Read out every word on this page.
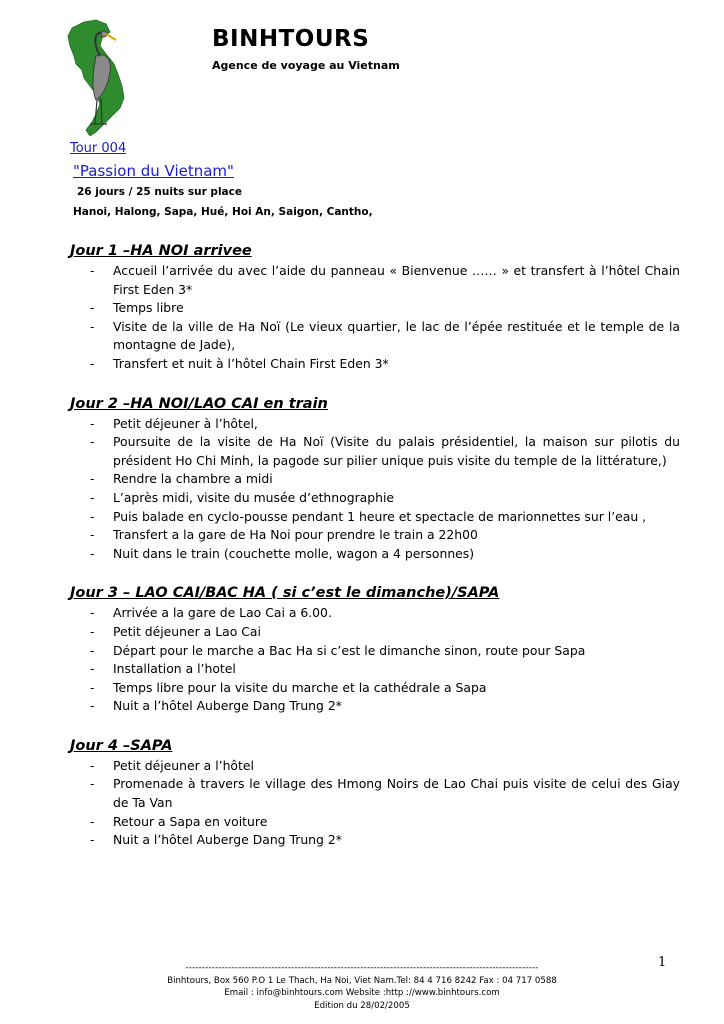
BINHTOURS
Agence de voyage au Vietnam
Tour 004
"Passion du Vietnam"
26 jours / 25 nuits sur place
Hanoi, Halong, Sapa, Hué, Hoi An, Saigon, Cantho,
Jour 1 –HA NOI arrivee
- Accueil l’arrivée du avec l’aide du panneau « Bienvenue …… » et transfert à l’hôtel Chain First Eden 3*
- Temps libre
- Visite de la ville de Ha Noï (Le vieux quartier, le lac de l’épée restituée et le temple de la montagne de Jade),
- Transfert et nuit à l’hôtel Chain First Eden 3*
Jour 2 –HA NOI/LAO CAI en train
- Petit déjeuner à l’hôtel,
- Poursuite de la visite de Ha Noï (Visite du palais présidentiel, la maison sur pilotis du président Ho Chi Minh, la pagode sur pilier unique puis visite du temple de la littérature,)
- Rendre la chambre a midi
- L’après midi, visite du musée d’ethnographie
- Puis balade en cyclo-pousse pendant 1 heure et spectacle de marionnettes sur l’eau ,
- Transfert a la gare de Ha Noi pour prendre le train a 22h00
- Nuit dans le train (couchette molle, wagon a 4 personnes)
Jour 3 – LAO CAI/BAC HA ( si c’est le dimanche)/SAPA
- Arrivée a la gare de Lao Cai a 6.00.
- Petit déjeuner a Lao Cai
- Départ pour le marche a Bac Ha si c’est le dimanche sinon, route pour Sapa
- Installation a l’hotel
- Temps libre pour la visite du marche et la cathédrale a Sapa
- Nuit a l’hôtel Auberge Dang Trung 2*
Jour 4 –SAPA
- Petit déjeuner a l’hôtel
- Promenade à travers le village des Hmong Noirs de Lao Chai puis visite de celui des Giay de Ta Van
- Retour a Sapa en voiture
- Nuit a l’hôtel Auberge Dang Trung 2*
1
-----------------------------------------------------------------------------------------------------------
Binhtours, Box 560 P.O 1 Le Thach, Ha Noi, Viet Nam.Tel: 84 4 716 8242 Fax : 04 717 0588
Email : info@binhtours.com Website :http ://www.binhtours.com
Edition du 28/02/2005
